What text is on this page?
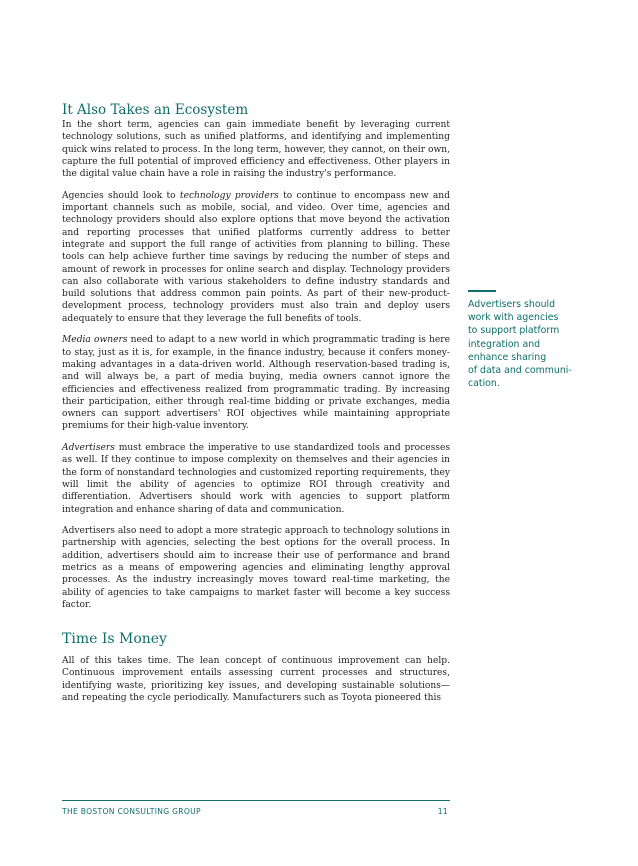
It Also Takes an Ecosystem

In the short term, agencies can gain immediate benefit by leveraging current technology solutions, such as unified platforms, and identifying and implementing quick wins related to process. In the long term, however, they cannot, on their own, capture the full potential of improved efficiency and effectiveness. Other players in the digital value chain have a role in raising the industry's performance.

Agencies should look to technology providers to continue to encompass new and important channels such as mobile, social, and video. Over time, agencies and technology providers should also explore options that move beyond the activation and reporting processes that unified platforms currently address to better integrate and support the full range of activities from planning to billing. These tools can help achieve further time savings by reducing the number of steps and amount of rework in processes for online search and display. Technology providers can also collaborate with various stakeholders to define industry standards and build solutions that address common pain points. As part of their new-product-development process, technology providers must also train and deploy users adequately to ensure that they leverage the full benefits of tools.

Media owners need to adapt to a new world in which programmatic trading is here to stay, just as it is, for example, in the finance industry, because it confers money-making advantages in a data-driven world. Although reservation-based trading is, and will always be, a part of media buying, media owners cannot ignore the efficiencies and effectiveness realized from programmatic trading. By increasing their participation, either through real-time bidding or private exchanges, media owners can support advertisers' ROI objectives while maintaining appropriate premiums for their high-value inventory.

Advertisers must embrace the imperative to use standardized tools and processes as well. If they continue to impose complexity on themselves and their agencies in the form of nonstandard technologies and customized reporting requirements, they will limit the ability of agencies to optimize ROI through creativity and differentiation. Advertisers should work with agencies to support platform integration and enhance sharing of data and communication.

Advertisers also need to adopt a more strategic approach to technology solutions in partnership with agencies, selecting the best options for the overall process. In addition, advertisers should aim to increase their use of performance and brand metrics as a means of empowering agencies and eliminating lengthy approval processes. As the industry increasingly moves toward real-time marketing, the ability of agencies to take campaigns to market faster will become a key success factor.

Time Is Money

All of this takes time. The lean concept of continuous improvement can help. Continuous improvement entails assessing current processes and structures, identifying waste, prioritizing key issues, and developing sustainable solutions—and repeating the cycle periodically. Manufacturers such as Toyota pioneered this

Advertisers should
work with agencies
to support platform
integration and
enhance sharing
of data and communi-
cation.

THE BOSTON CONSULTING GROUP	11
